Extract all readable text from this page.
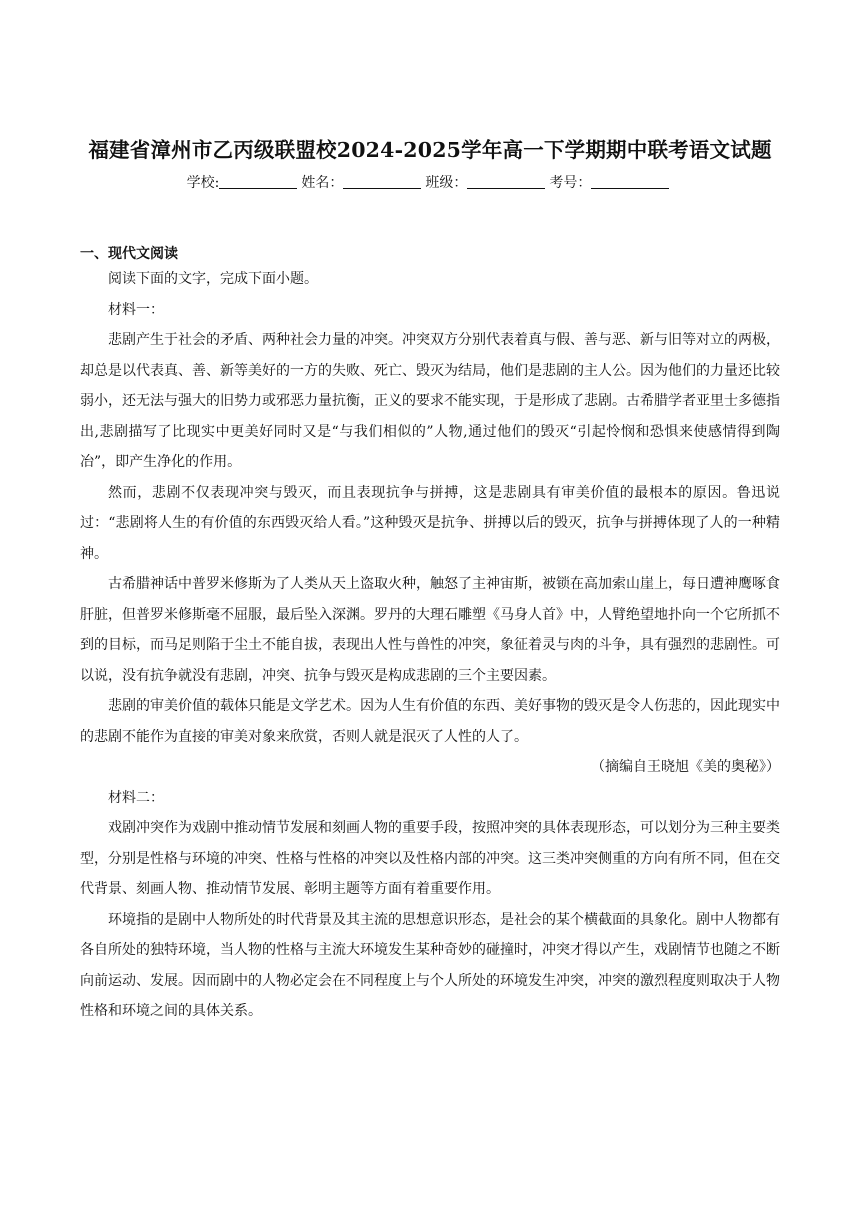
福建省漳州市乙丙级联盟校2024-2025学年高一下学期期中联考语文试题
学校:	姓名：	班级：	考号：
一、现代文阅读

阅读下面的文字，完成下面小题。

材料一：

悲剧产生于社会的矛盾、两种社会力量的冲突。冲突双方分别代表着真与假、善与恶、新与旧等对立的两极，却总是以代表真、善、新等美好的一方的失败、死亡、毁灭为结局，他们是悲剧的主人公。因为他们的力量还比较弱小，还无法与强大的旧势力或邪恶力量抗衡，正义的要求不能实现，于是形成了悲剧。古希腊学者亚里士多德指出,悲剧描写了比现实中更美好同时又是“与我们相似的”人物,通过他们的毁灭“引起怜悯和恐惧来使感情得到陶冶”，即产生净化的作用。

然而，悲剧不仅表现冲突与毁灭，而且表现抗争与拼搏，这是悲剧具有审美价值的最根本的原因。鲁迅说过：“悲剧将人生的有价值的东西毁灭给人看。”这种毁灭是抗争、拼搏以后的毁灭，抗争与拼搏体现了人的一种精神。

古希腊神话中普罗米修斯为了人类从天上盗取火种，触怒了主神宙斯，被锁在高加索山崖上，每日遭神鹰啄食肝脏，但普罗米修斯毫不屈服，最后坠入深渊。罗丹的大理石雕塑《马身人首》中，人臂绝望地扑向一个它所抓不到的目标，而马足则陷于尘土不能自拔，表现出人性与兽性的冲突，象征着灵与肉的斗争，具有强烈的悲剧性。可以说，没有抗争就没有悲剧，冲突、抗争与毁灭是构成悲剧的三个主要因素。

悲剧的审美价值的载体只能是文学艺术。因为人生有价值的东西、美好事物的毁灭是令人伤悲的，因此现实中的悲剧不能作为直接的审美对象来欣赏，否则人就是泯灭了人性的人了。

（摘编自王晓旭《美的奥秘》）

材料二：

戏剧冲突作为戏剧中推动情节发展和刻画人物的重要手段，按照冲突的具体表现形态，可以划分为三种主要类型，分别是性格与环境的冲突、性格与性格的冲突以及性格内部的冲突。这三类冲突侧重的方向有所不同，但在交代背景、刻画人物、推动情节发展、彰明主题等方面有着重要作用。

环境指的是剧中人物所处的时代背景及其主流的思想意识形态，是社会的某个横截面的具象化。剧中人物都有各自所处的独特环境，当人物的性格与主流大环境发生某种奇妙的碰撞时，冲突才得以产生，戏剧情节也随之不断向前运动、发展。因而剧中的人物必定会在不同程度上与个人所处的环境发生冲突，冲突的激烈程度则取决于人物性格和环境之间的具体关系。
